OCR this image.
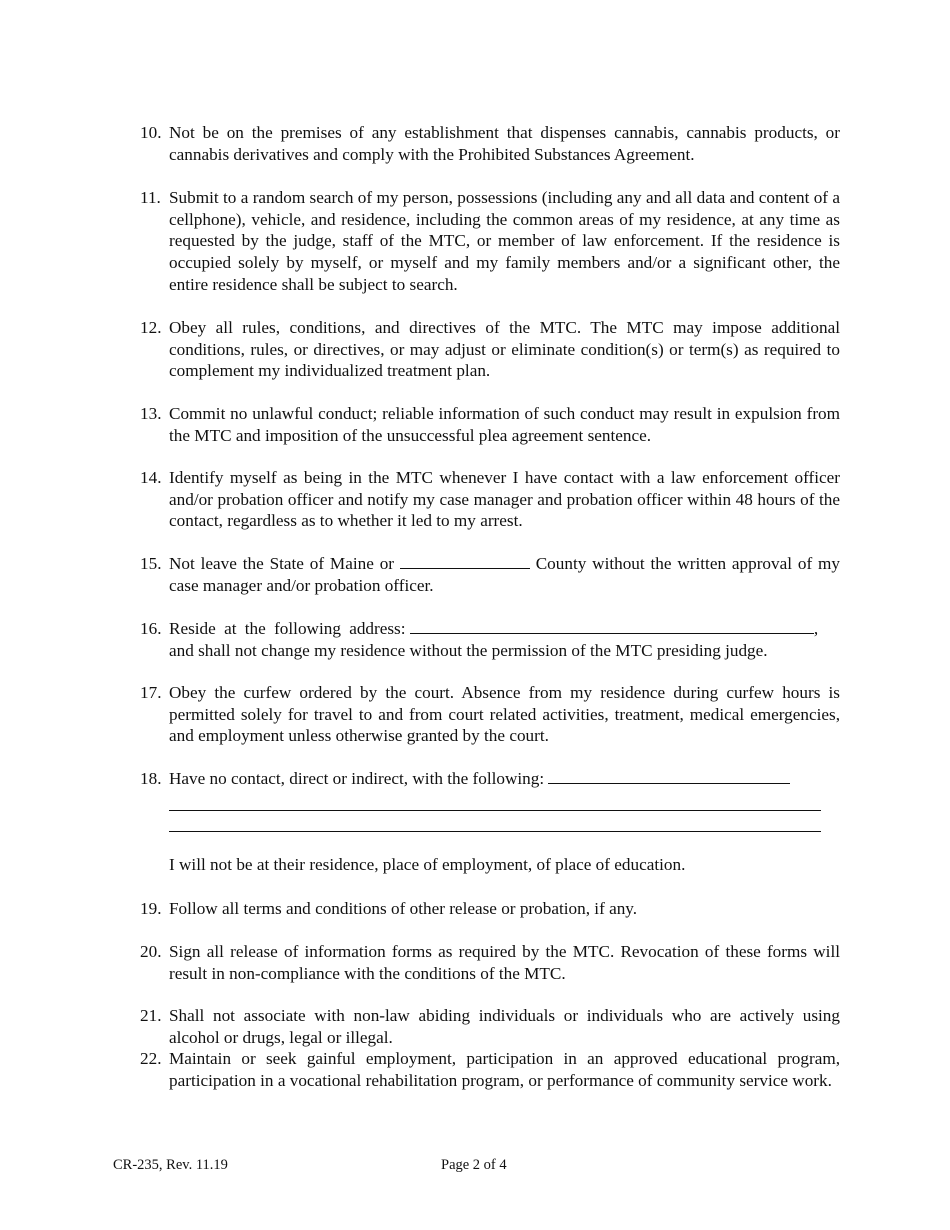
10. Not be on the premises of any establishment that dispenses cannabis, cannabis products, or cannabis derivatives and comply with the Prohibited Substances Agreement.
11. Submit to a random search of my person, possessions (including any and all data and content of a cellphone), vehicle, and residence, including the common areas of my residence, at any time as requested by the judge, staff of the MTC, or member of law enforcement. If the residence is occupied solely by myself, or myself and my family members and/or a significant other, the entire residence shall be subject to search.
12. Obey all rules, conditions, and directives of the MTC. The MTC may impose additional conditions, rules, or directives, or may adjust or eliminate condition(s) or term(s) as required to complement my individualized treatment plan.
13. Commit no unlawful conduct; reliable information of such conduct may result in expulsion from the MTC and imposition of the unsuccessful plea agreement sentence.
14. Identify myself as being in the MTC whenever I have contact with a law enforcement officer and/or probation officer and notify my case manager and probation officer within 48 hours of the contact, regardless as to whether it led to my arrest.
15. Not leave the State of Maine or	County without the written approval of my case manager and/or probation officer.
16. Reside at the following address:	,
and shall not change my residence without the permission of the MTC presiding judge.
17. Obey the curfew ordered by the court. Absence from my residence during curfew hours is permitted solely for travel to and from court related activities, treatment, medical emergencies, and employment unless otherwise granted by the court.
18. Have no contact, direct or indirect, with the following:
I will not be at their residence, place of employment, of place of education.
19. Follow all terms and conditions of other release or probation, if any.
20. Sign all release of information forms as required by the MTC. Revocation of these forms will result in non-compliance with the conditions of the MTC.
21. Shall not associate with non-law abiding individuals or individuals who are actively using alcohol or drugs, legal or illegal.
22. Maintain or seek gainful employment, participation in an approved educational program, participation in a vocational rehabilitation program, or performance of community service work.
CR-235, Rev. 11.19	Page 2 of 4
